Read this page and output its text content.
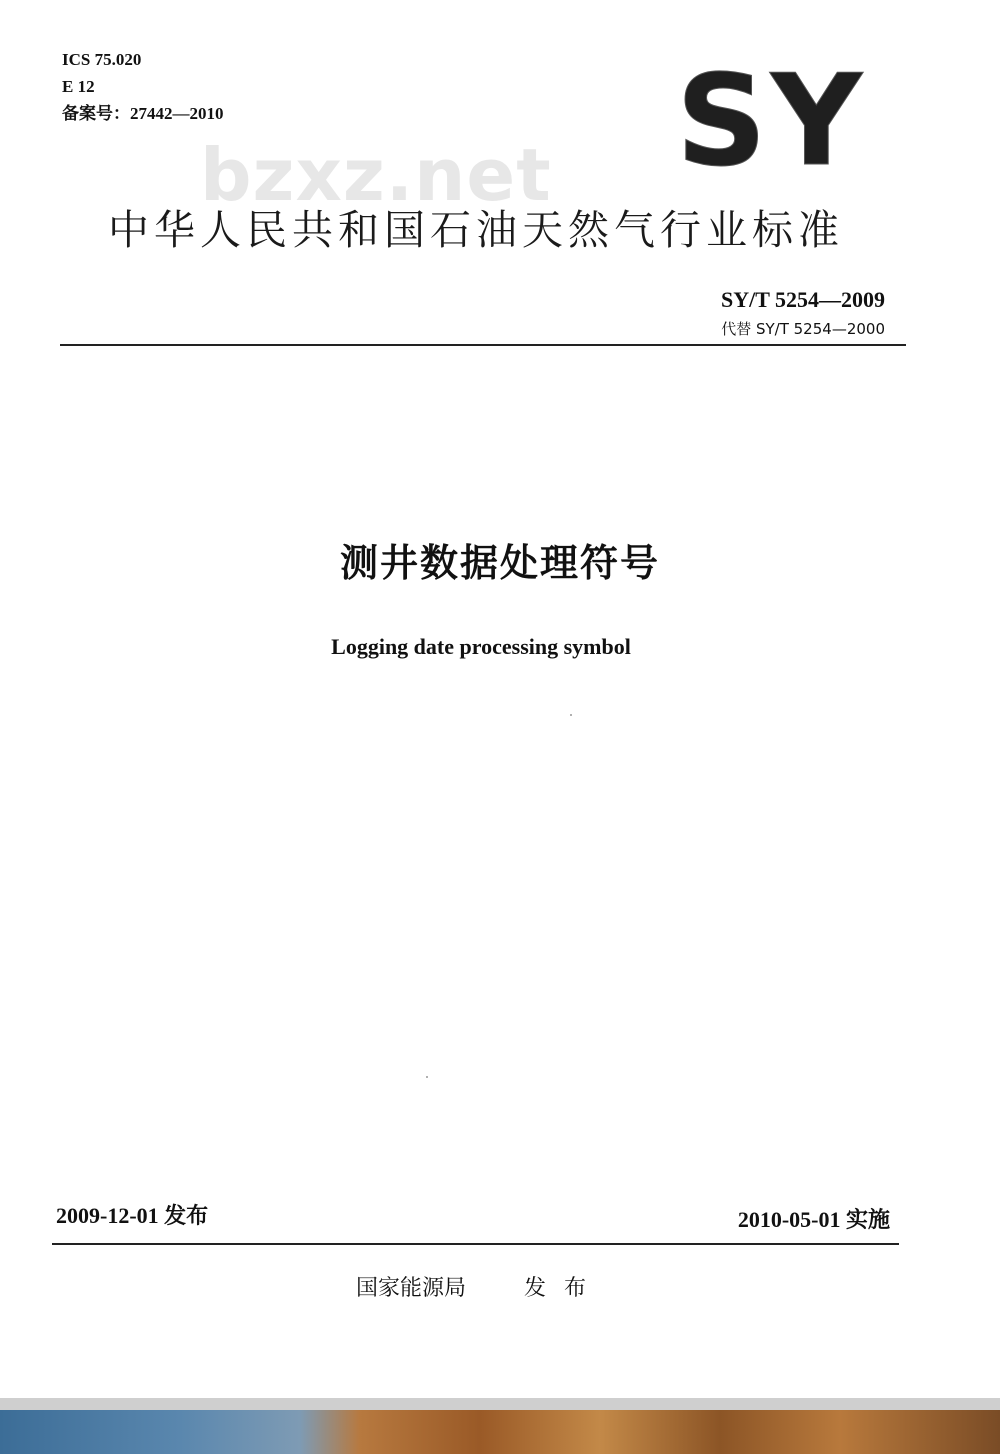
ICS 75.020
E 12
备案号：27442—2010	SY
bzxz.net
中华人民共和国石油天然气行业标准
SY/T 5254—2009
代替 SY/T 5254—2000
测井数据处理符号
Logging date processing symbol
2009-12-01 发布	2010-05-01 实施
国家能源局	发布
